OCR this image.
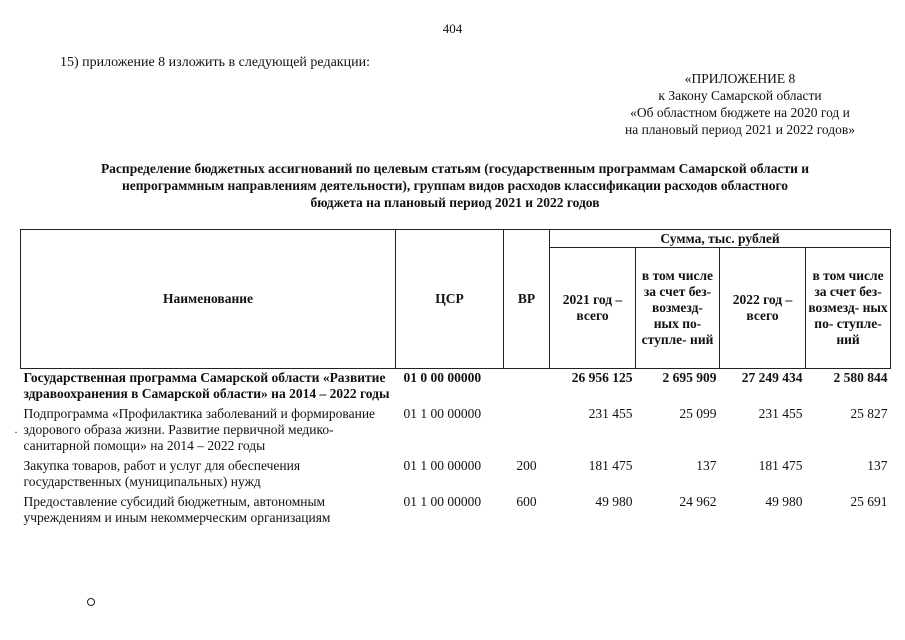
404
15) приложение 8 изложить в следующей редакции:
«ПРИЛОЖЕНИЕ 8
к Закону Самарской области
«Об областном бюджете на 2020 год и
на плановый период 2021 и 2022 годов»
Распределение бюджетных ассигнований по целевым статьям (государственным программам Самарской области и
непрограммным направлениям деятельности), группам видов расходов классификации расходов областного
бюджета на плановый период 2021 и 2022 годов
Наименование	ЦСР	ВР	Сумма, тыс. рублей			
			2021 год – всего	в том числе за счет без- возмезд- ных по- ступле- ний	2022 год – всего	в том числе за счет без- возмезд- ных по- ступле- ний
Государственная программа Самарской области «Развитие здравоохранения в Самарской области» на 2014 – 2022 годы	01 0 00 00000		26 956 125	2 695 909	27 249 434	2 580 844
Подпрограмма «Профилактика заболеваний и формирование здорового образа жизни. Развитие первичной медико-санитарной помощи» на 2014 – 2022 годы	01 1 00 00000		231 455	25 099	231 455	25 827
Закупка товаров, работ и услуг для обеспечения государственных (муниципальных) нужд	01 1 00 00000	200	181 475	137	181 475	137
Предоставление субсидий бюджетным, автономным учреждениям и иным некоммерческим организациям	01 1 00 00000	600	49 980	24 962	49 980	25 691
·
